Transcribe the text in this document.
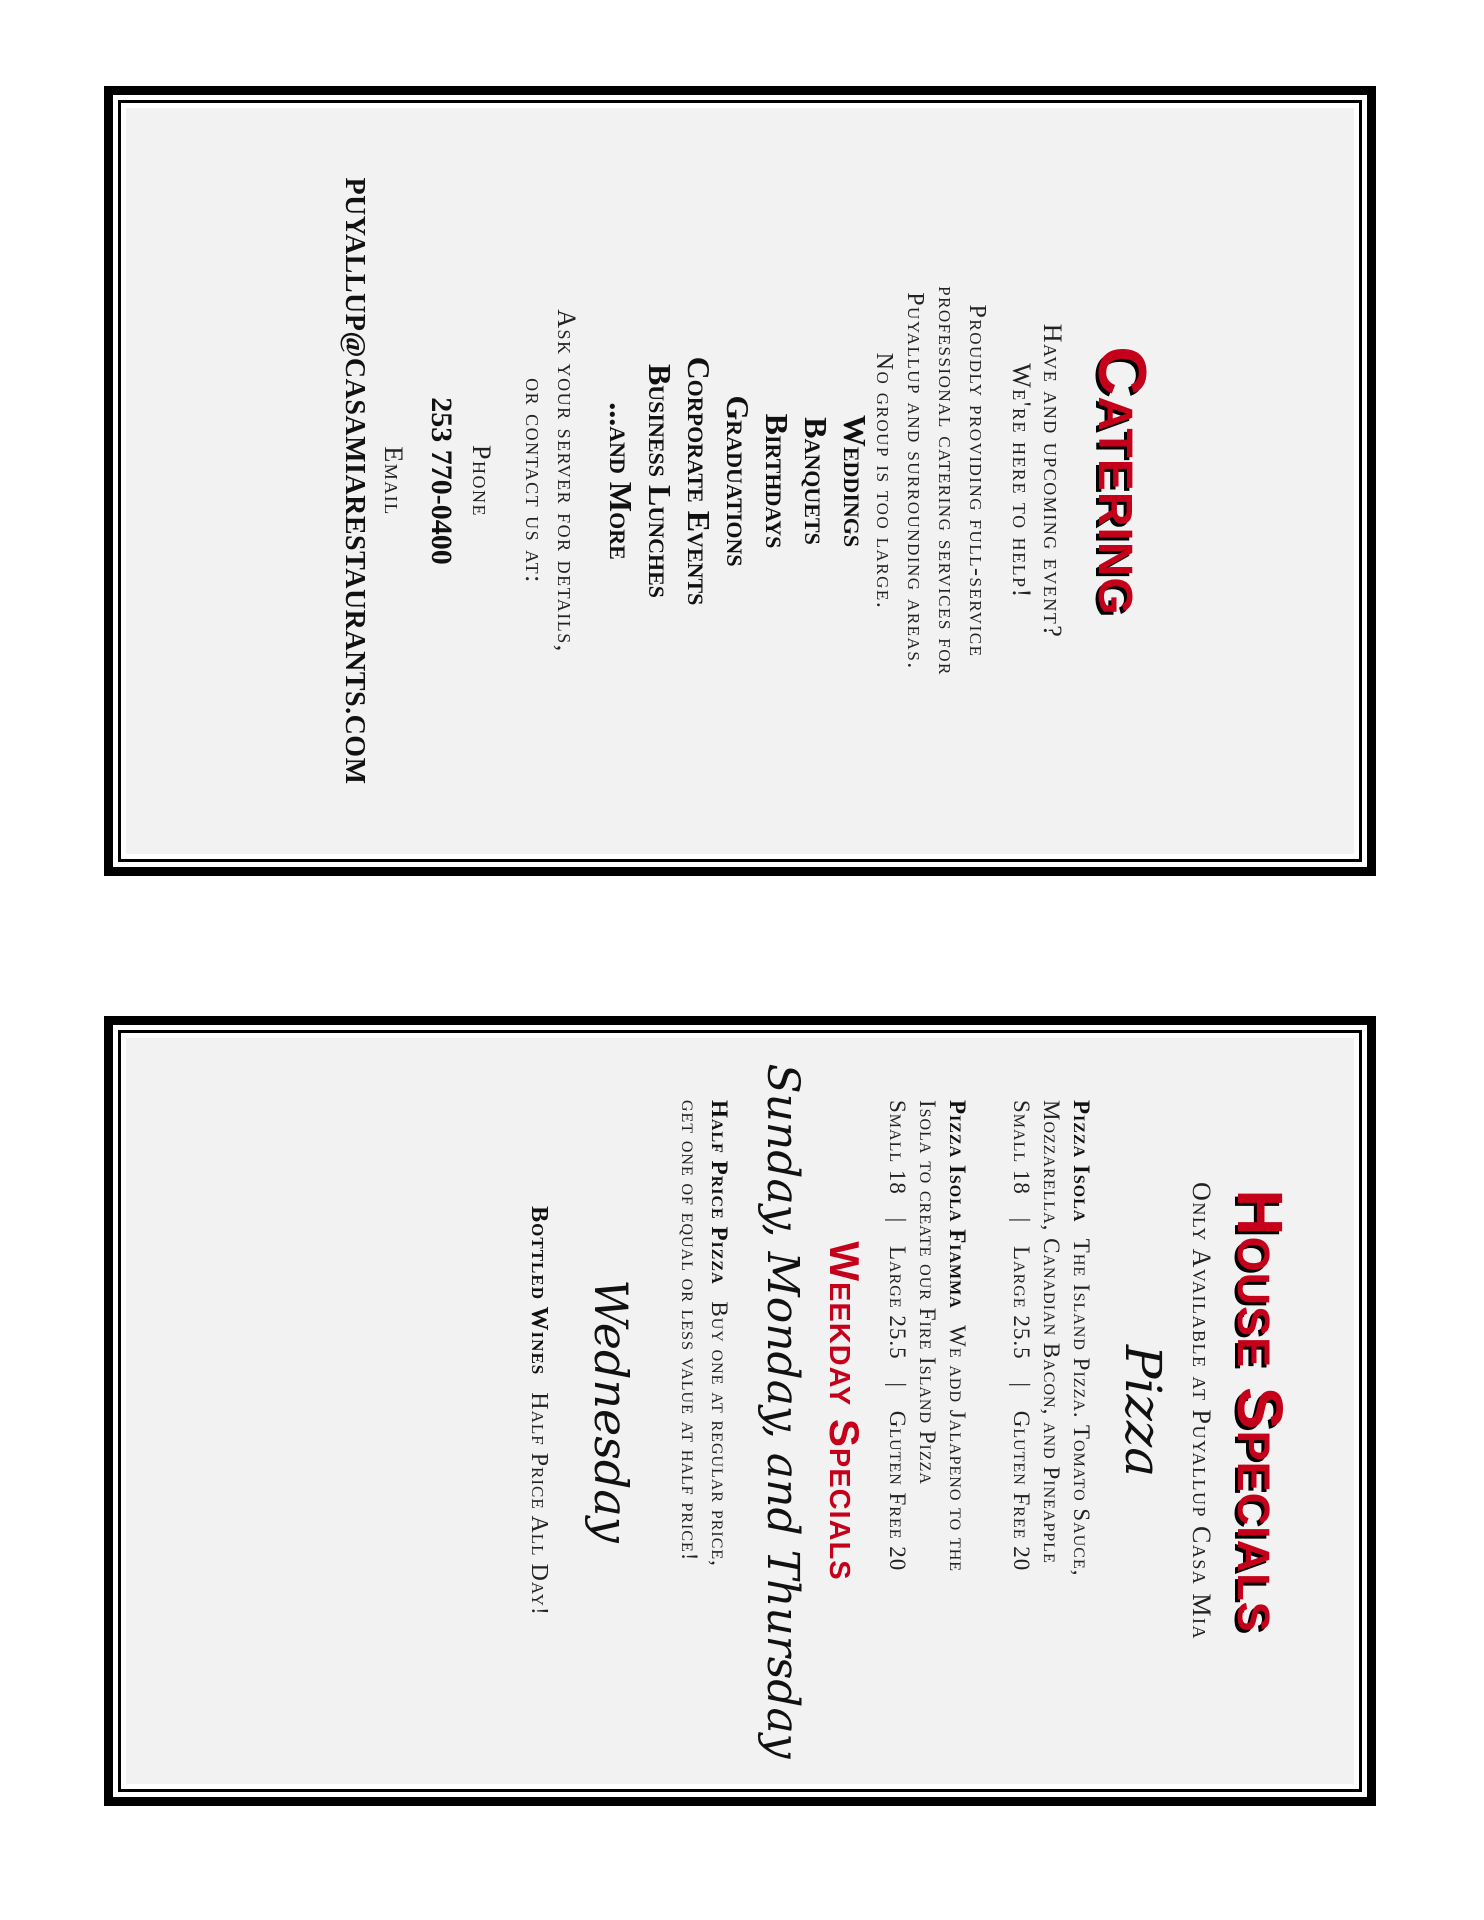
Catering
Have and upcoming event?
We're here to help!
Proudly providing full-service
professional catering services for
Puyallup and surrounding areas.
No group is too large.
Weddings
Banquets
Birthdays
Graduations
Corporate Events
Business Lunches
...and More
Ask your server for details,
or contact us at:
Phone
253 770-0400
Email
PUYALLUP@CASAMIARESTAURANTS.COM
House Specials
Only Available at Puyallup Casa Mia
Pizza
Pizza Isola The Island Pizza. Tomato Sauce,
Mozzarella, Canadian Bacon, and Pineapple
Small 18 | Large 25.5 | Gluten Free 20
Pizza Isola Fiamma We add Jalapeno to the
Isola to create our Fire Island Pizza
Small 18 | Large 25.5 | Gluten Free 20
Weekday Specials
Sunday, Monday, and Thursday
Half Price Pizza Buy one at regular price,
get one of equal or less value at half price!
Wednesday
Bottled Wines Half Price All Day!
